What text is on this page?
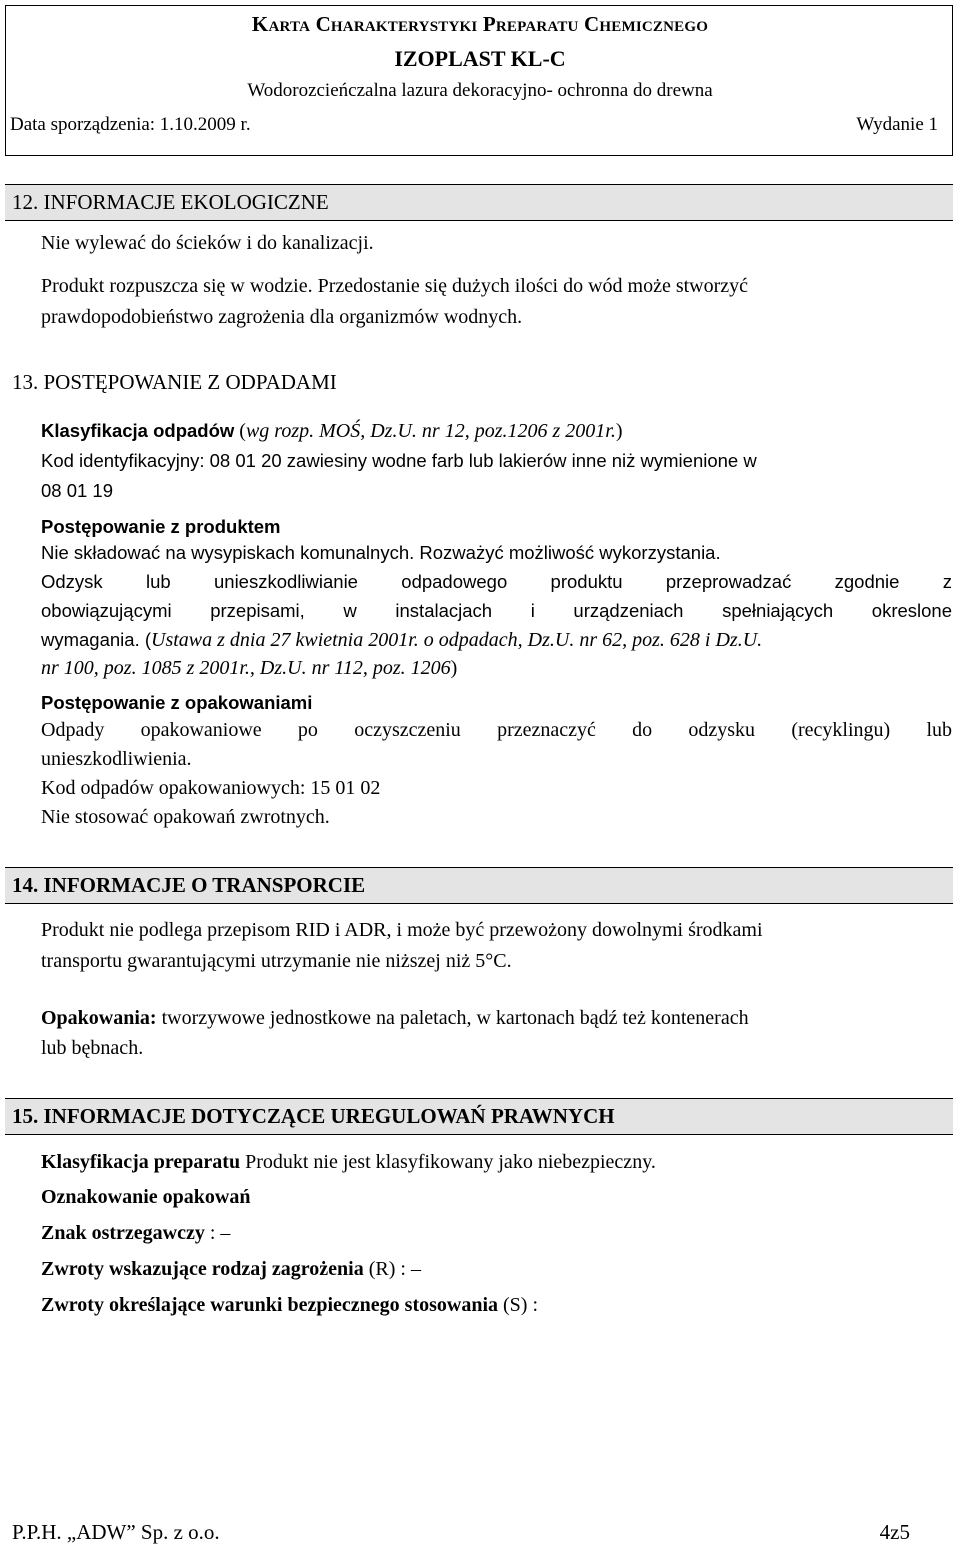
Karta Charakterystyki Preparatu Chemicznego
IZOPLAST KL-C
Wodorozcieńczalna lazura dekoracyjno- ochronna do drewna
Data sporządzenia: 1.10.2009 r.	Wydanie 1
12. INFORMACJE EKOLOGICZNE
Nie wylewać do ścieków i do kanalizacji.
Produkt rozpuszcza się w wodzie. Przedostanie się dużych ilości do wód może stworzyć
prawdopodobieństwo zagrożenia dla organizmów wodnych.
13. POSTĘPOWANIE Z ODPADAMI
Klasyfikacja odpadów (wg rozp. MOŚ, Dz.U. nr 12, poz.1206 z 2001r.)
Kod identyfikacyjny: 08 01 20 zawiesiny wodne farb lub lakierów inne niż wymienione w
08 01 19
Postępowanie z produktem
Nie składować na wysypiskach komunalnych. Rozważyć możliwość wykorzystania.
Odzysk lub unieszkodliwianie odpadowego produktu przeprowadzać zgodnie z
obowiązującymi przepisami, w instalacjach i urządzeniach spełniających okreslone
wymagania. (Ustawa z dnia 27 kwietnia 2001r. o odpadach, Dz.U. nr 62, poz. 628 i Dz.U.
nr 100, poz. 1085 z 2001r., Dz.U. nr 112, poz. 1206)
Postępowanie z opakowaniami
Odpady opakowaniowe po oczyszczeniu przeznaczyć do odzysku (recyklingu) lub
unieszkodliwienia.
Kod odpadów opakowaniowych: 15 01 02
Nie stosować opakowań zwrotnych.
14. INFORMACJE O TRANSPORCIE
Produkt nie podlega przepisom RID i ADR, i może być przewożony dowolnymi środkami
transportu gwarantującymi utrzymanie nie niższej niż 5°C.
Opakowania: tworzywowe jednostkowe na paletach, w kartonach bądź też kontenerach
lub bębnach.
15. INFORMACJE DOTYCZĄCE UREGULOWAŃ PRAWNYCH
Klasyfikacja preparatu Produkt nie jest klasyfikowany jako niebezpieczny.
Oznakowanie opakowań
Znak ostrzegawczy : –
Zwroty wskazujące rodzaj zagrożenia (R) : –
Zwroty określające warunki bezpiecznego stosowania (S) :
P.P.H. „ADW” Sp. z o.o.	4z5
